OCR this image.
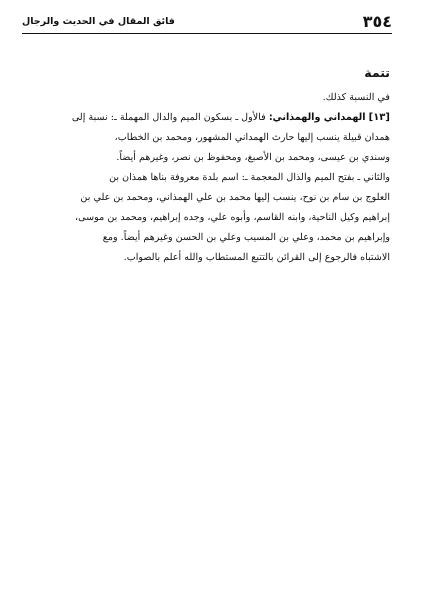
٣٥٤
فائق المقال في الحديث والرجال
تتمة

في النسبة كذلك.

[١٣] الهمداني والهمذاني: فالأول ـ بسكون الميم والدال المهملة ـ: نسبة إلى

همدان قبيلة ينسب إليها حارث الهمداني المشهور، ومحمد بن الخطاب،

وسندي بن عيسى، ومحمد بن الأصبغ، ومحفوظ بن نصر، وغيرهم أيضاً.

والثاني ـ بفتح الميم والذال المعجمة ـ: اسم بلدة معروفة بناها همذان بن

العلوج بن سام بن نوح، ينسب إليها محمد بن علي الهمذاني، ومحمد بن علي بن

إبراهيم وكيل الناحية، وابنه القاسم، وأبوه علي، وجده إبراهيم، ومحمد بن موسى،

وإبراهيم بن محمد، وعلي بن المسيب وعلي بن الحسن وغيرهم أيضاً. ومع

الاشتباه فالرجوع إلى القرائن بالتتبع المستطاب والله أعلم بالصواب.
